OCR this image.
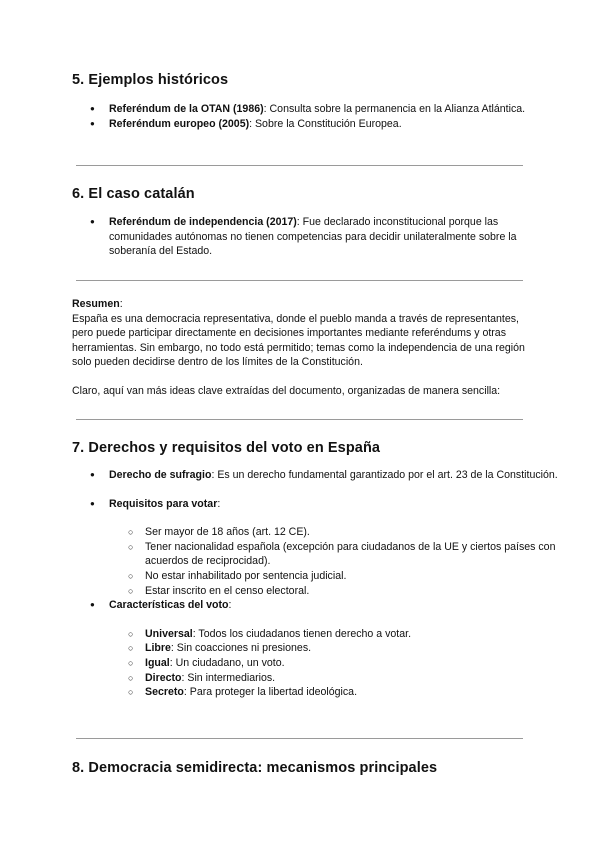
5. Ejemplos históricos
● Referéndum de la OTAN (1986): Consulta sobre la permanencia en la Alianza Atlántica.
● Referéndum europeo (2005): Sobre la Constitución Europea.
6. El caso catalán
● Referéndum de independencia (2017): Fue declarado inconstitucional porque las comunidades autónomas no tienen competencias para decidir unilateralmente sobre la soberanía del Estado.

Resumen:
España es una democracia representativa, donde el pueblo manda a través de representantes, pero puede participar directamente en decisiones importantes mediante referéndums y otras herramientas. Sin embargo, no todo está permitido; temas como la independencia de una región solo pueden decidirse dentro de los límites de la Constitución.

Claro, aquí van más ideas clave extraídas del documento, organizadas de manera sencilla:

7. Derechos y requisitos del voto en España
● Derecho de sufragio: Es un derecho fundamental garantizado por el art. 23 de la Constitución.
● Requisitos para votar:
○ Ser mayor de 18 años (art. 12 CE).
○ Tener nacionalidad española (excepción para ciudadanos de la UE y ciertos países con acuerdos de reciprocidad).
○ No estar inhabilitado por sentencia judicial.
○ Estar inscrito en el censo electoral.
● Características del voto:
○ Universal: Todos los ciudadanos tienen derecho a votar.
○ Libre: Sin coacciones ni presiones.
○ Igual: Un ciudadano, un voto.
○ Directo: Sin intermediarios.
○ Secreto: Para proteger la libertad ideológica.
8. Democracia semidirecta: mecanismos principales
